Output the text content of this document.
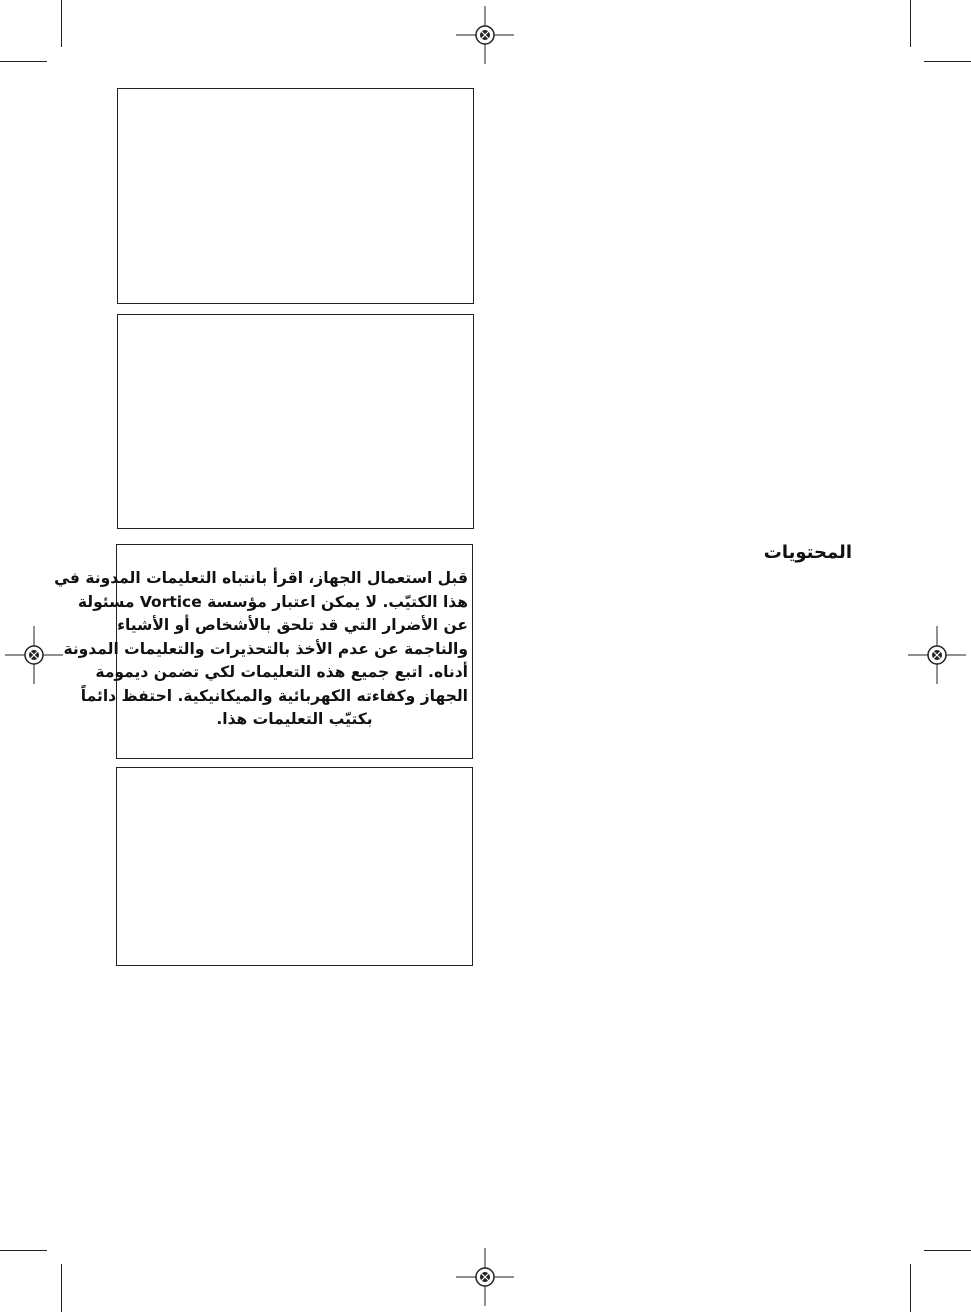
قبل استعمال الجهاز، اقرأ بانتباه التعليمات المدونة في
هذا الكتيّب. لا يمكن اعتبار مؤسسة Vortice مسئولة
عن الأضرار التي قد تلحق بالأشخاص أو الأشياء
والناجمة عن عدم الأخذ بالتحذيرات والتعليمات المدونة
أدناه. اتبع جميع هذه التعليمات لكي تضمن ديمومة
الجهاز وكفاءته الكهربائية والميكانيكية. احتفظ دائماً
بكتيّب التعليمات هذا.

المحتويات
